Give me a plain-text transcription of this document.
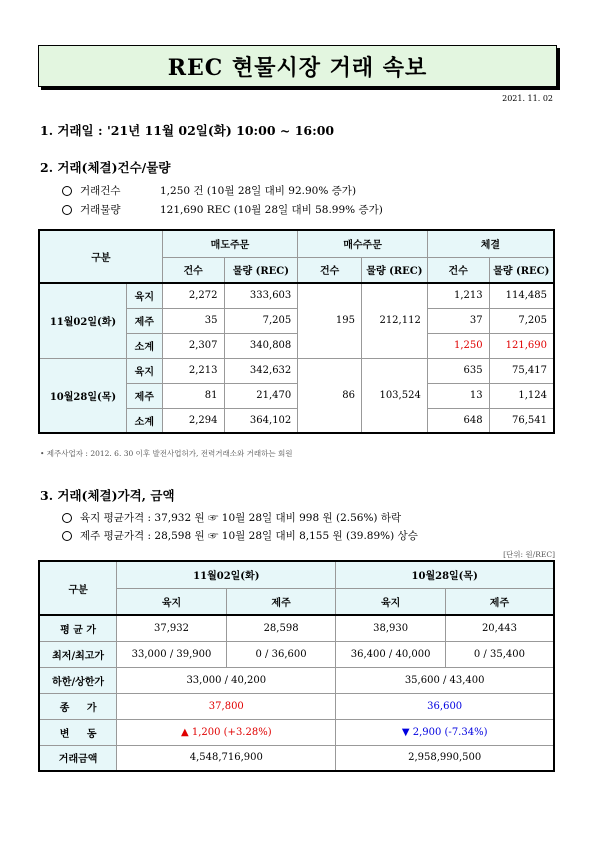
REC 현물시장 거래 속보
2021. 11. 02
1. 거래일 : '21년 11월 02일(화) 10:00 ~ 16:00
2. 거래(체결)건수/물량
거래건수	1,250 건 (10월 28일 대비 92.90% 증가)
거래물량	121,690 REC (10월 28일 대비 58.99% 증가)
구분		매도주문		매수주문		체결	
		건수	물량 (REC)	건수	물량 (REC)	건수	물량 (REC)
11월02일(화)	육지	2,272	333,603	195	212,112	1,213	114,485
	제주	35	7,205			37	7,205
	소계	2,307	340,808			1,250	121,690
10월28일(목)	육지	2,213	342,632	86	103,524	635	75,417
	제주	81	21,470			13	1,124
	소계	2,294	364,102			648	76,541
• 제주사업자 : 2012. 6. 30 이후 발전사업허가, 전력거래소와 거래하는 회원
3. 거래(체결)가격, 금액
육지 평균가격 : 37,932 원 ☞ 10월 28일 대비 998 원 (2.56%) 하락
제주 평균가격 : 28,598 원 ☞ 10월 28일 대비 8,155 원 (39.89%) 상승
[단위: 원/REC]
구분	11월02일(화)		10월28일(목)	
	육지	제주	육지	제주
평 균 가	37,932	28,598	38,930	20,443
최저/최고가	33,000 / 39,900	0 / 36,600	36,400 / 40,000	0 / 35,400
하한/상한가	33,000 / 40,200		35,600 / 43,400	
종     가	37,800		36,600	
변     동	▲ 1,200 (+3.28%)		▼ 2,900 (-7.34%)	
거래금액	4,548,716,900		2,958,990,500	
